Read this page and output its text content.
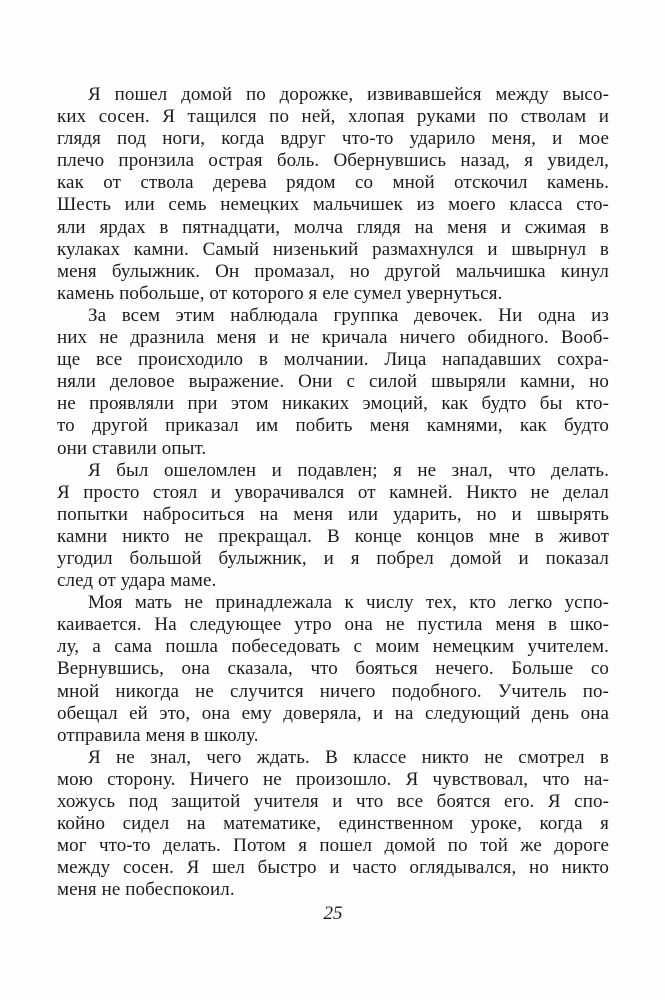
Я пошел домой по дорожке, извивавшейся между высо-
ких сосен. Я тащился по ней, хлопая руками по стволам и
глядя под ноги, когда вдруг что-то ударило меня, и мое
плечо пронзила острая боль. Обернувшись назад, я увидел,
как от ствола дерева рядом со мной отскочил камень.
Шесть или семь немецких мальчишек из моего класса сто-
яли ярдах в пятнадцати, молча глядя на меня и сжимая в
кулаках камни. Самый низенький размахнулся и швырнул в
меня булыжник. Он промазал, но другой мальчишка кинул
камень побольше, от которого я еле сумел увернуться.

За всем этим наблюдала группка девочек. Ни одна из
них не дразнила меня и не кричала ничего обидного. Вооб-
ще все происходило в молчании. Лица нападавших сохра-
няли деловое выражение. Они с силой швыряли камни, но
не проявляли при этом никаких эмоций, как будто бы кто-
то другой приказал им побить меня камнями, как будто
они ставили опыт.

Я был ошеломлен и подавлен; я не знал, что делать.
Я просто стоял и уворачивался от камней. Никто не делал
попытки наброситься на меня или ударить, но и швырять
камни никто не прекращал. В конце концов мне в живот
угодил большой булыжник, и я побрел домой и показал
след от удара маме.

Моя мать не принадлежала к числу тех, кто легко успо-
каивается. На следующее утро она не пустила меня в шко-
лу, а сама пошла побеседовать с моим немецким учителем.
Вернувшись, она сказала, что бояться нечего. Больше со
мной никогда не случится ничего подобного. Учитель по-
обещал ей это, она ему доверяла, и на следующий день она
отправила меня в школу.

Я не знал, чего ждать. В классе никто не смотрел в
мою сторону. Ничего не произошло. Я чувствовал, что на-
хожусь под защитой учителя и что все боятся его. Я спо-
койно сидел на математике, единственном уроке, когда я
мог что-то делать. Потом я пошел домой по той же дороге
между сосен. Я шел быстро и часто оглядывался, но никто
меня не побеспокоил.

25
